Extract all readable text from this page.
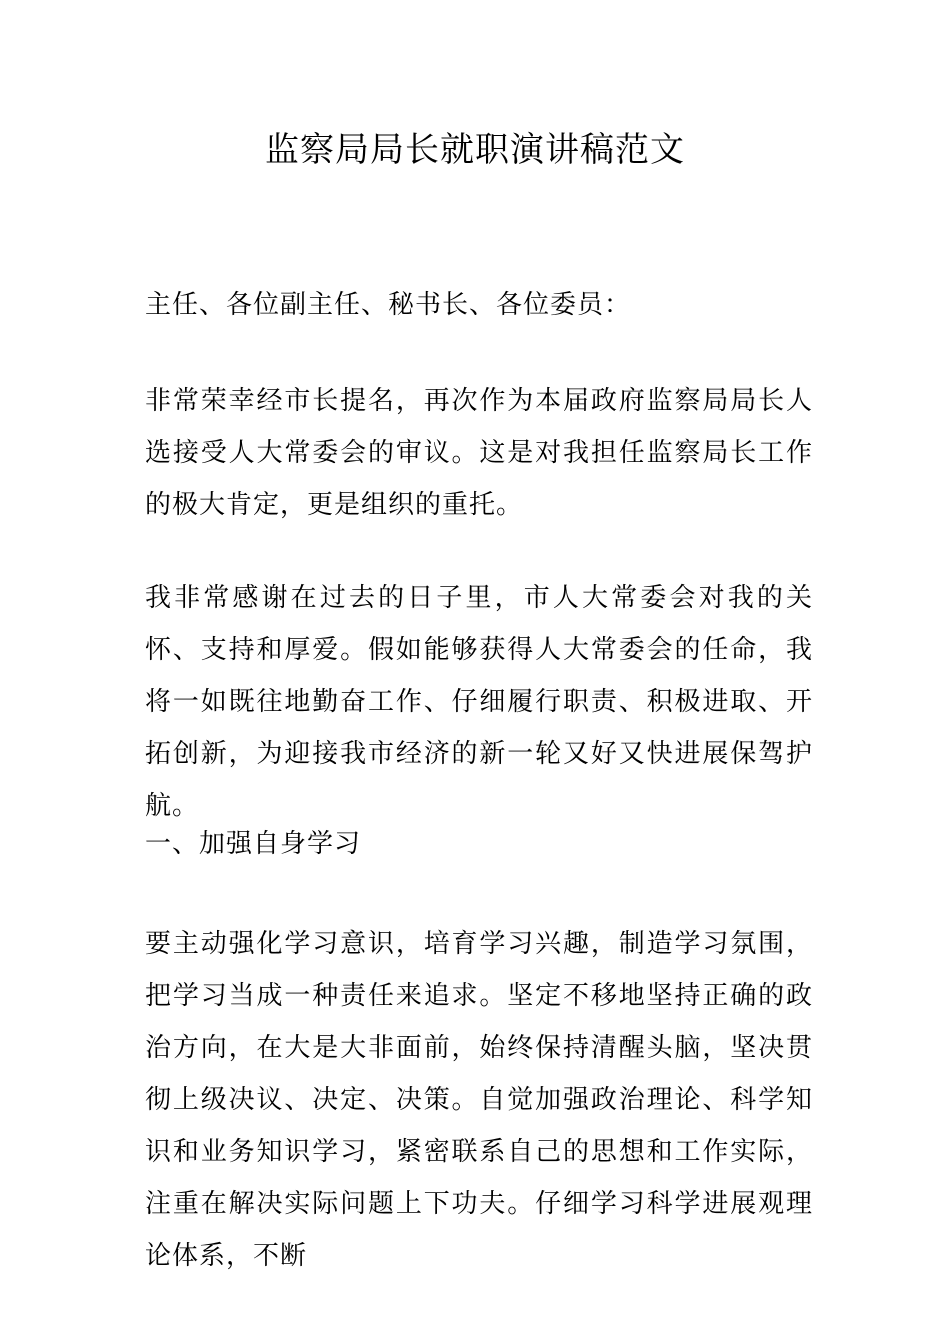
监察局局长就职演讲稿范文

主任、各位副主任、秘书长、各位委员：

非常荣幸经市长提名，再次作为本届政府监察局局长人选接受人大常委会的审议。这是对我担任监察局长工作的极大肯定，更是组织的重托。

我非常感谢在过去的日子里，市人大常委会对我的关怀、支持和厚爱。假如能够获得人大常委会的任命，我将一如既往地勤奋工作、仔细履行职责、积极进取、开拓创新，为迎接我市经济的新一轮又好又快进展保驾护航。

一、加强自身学习

要主动强化学习意识，培育学习兴趣，制造学习氛围，把学习当成一种责任来追求。坚定不移地坚持正确的政治方向，在大是大非面前，始终保持清醒头脑，坚决贯彻上级决议、决定、决策。自觉加强政治理论、科学知识和业务知识学习，紧密联系自己的思想和工作实际，注重在解决实际问题上下功夫。仔细学习科学进展观理论体系，不断
